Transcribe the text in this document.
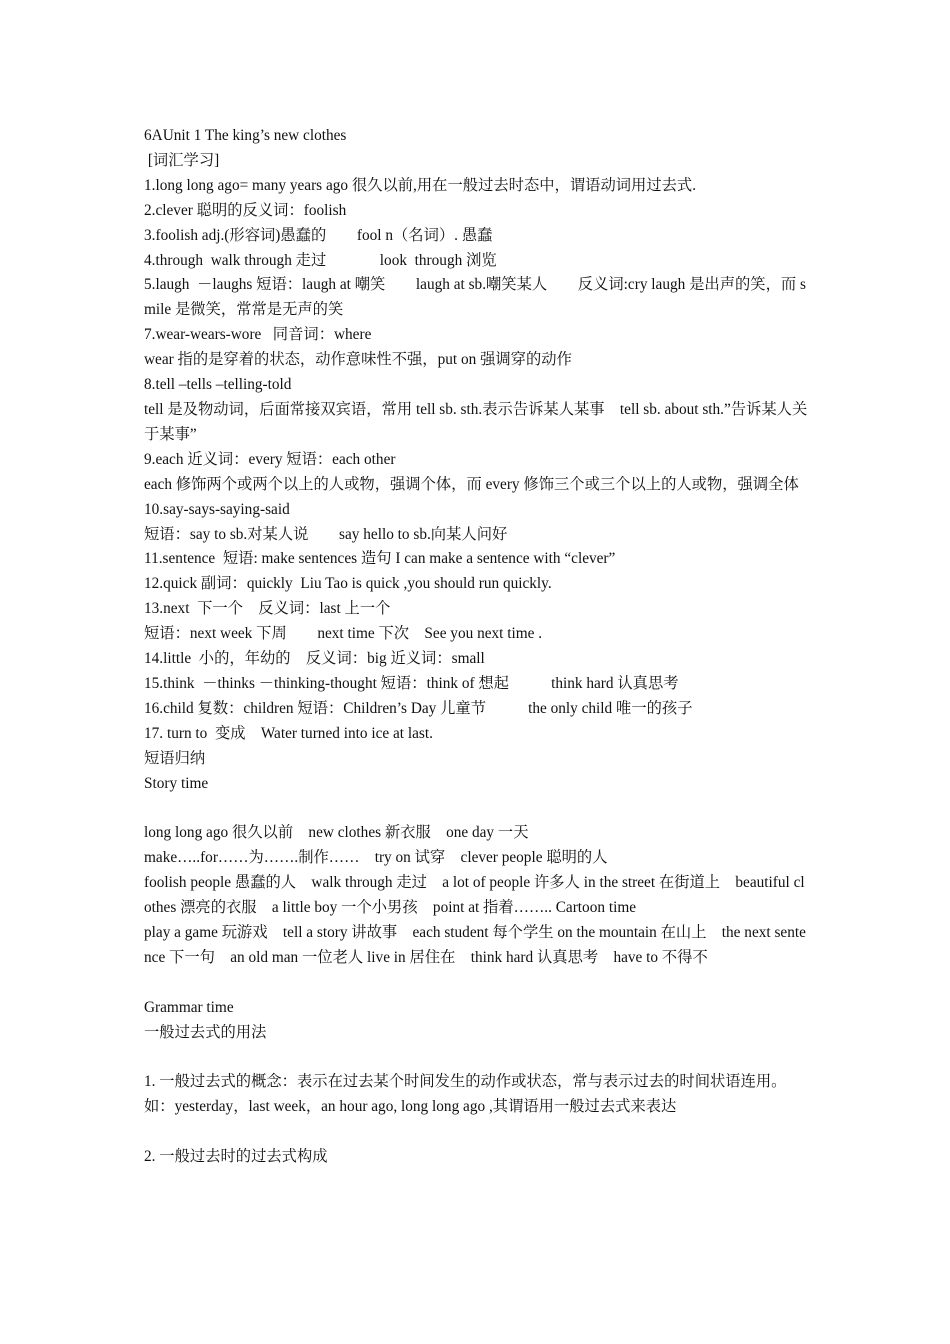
6AUnit 1 The king’s new clothes
[词汇学习]
1.long long ago= many years ago 很久以前,用在一般过去时态中，谓语动词用过去式.
2.clever 聪明的反义词：foolish
3.foolish adj.(形容词)愚蠢的        fool n（名词）. 愚蠢
4.through  walk through 走过              look  through 浏览
5.laugh  －laughs 短语：laugh at 嘲笑        laugh at sb.嘲笑某人        反义词:cry laugh 是出声的笑，而 smile 是微笑，常常是无声的笑
7.wear-wears-wore   同音词：where
wear 指的是穿着的状态，动作意味性不强，put on 强调穿的动作
8.tell –tells –telling-told
tell 是及物动词，后面常接双宾语，常用 tell sb. sth.表示告诉某人某事    tell sb. about sth.”告诉某人关于某事”
9.each 近义词：every 短语：each other
each 修饰两个或两个以上的人或物，强调个体，而 every 修饰三个或三个以上的人或物，强调全体
10.say-says-saying-said
短语：say to sb.对某人说        say hello to sb.向某人问好
11.sentence  短语: make sentences 造句 I can make a sentence with “clever”
12.quick 副词：quickly  Liu Tao is quick ,you should run quickly.
13.next  下一个    反义词：last 上一个
短语：next week 下周        next time 下次    See you next time .
14.little  小的，年幼的    反义词：big 近义词：small
15.think  －thinks －thinking-thought 短语：think of 想起           think hard 认真思考
16.child 复数：children 短语：Children’s Day 儿童节           the only child 唯一的孩子
17. turn to  变成    Water turned into ice at last.
短语归纳
Story time
long long ago 很久以前    new clothes 新衣服    one day 一天
make…..for……为…….制作……    try on 试穿    clever people 聪明的人
foolish people 愚蠢的人    walk through 走过    a lot of people 许多人 in the street 在街道上    beautiful clothes 漂亮的衣服    a little boy 一个小男孩    point at 指着…….. Cartoon time
play a game 玩游戏    tell a story 讲故事    each student 每个学生 on the mountain 在山上    the next sentence 下一句    an old man 一位老人 live in 居住在    think hard 认真思考    have to 不得不
Grammar time
一般过去式的用法
1. 一般过去式的概念：表示在过去某个时间发生的动作或状态，常与表示过去的时间状语连用。如：yesterday，last week，an hour ago, long long ago ,其谓语用一般过去式来表达
2. 一般过去时的过去式构成
